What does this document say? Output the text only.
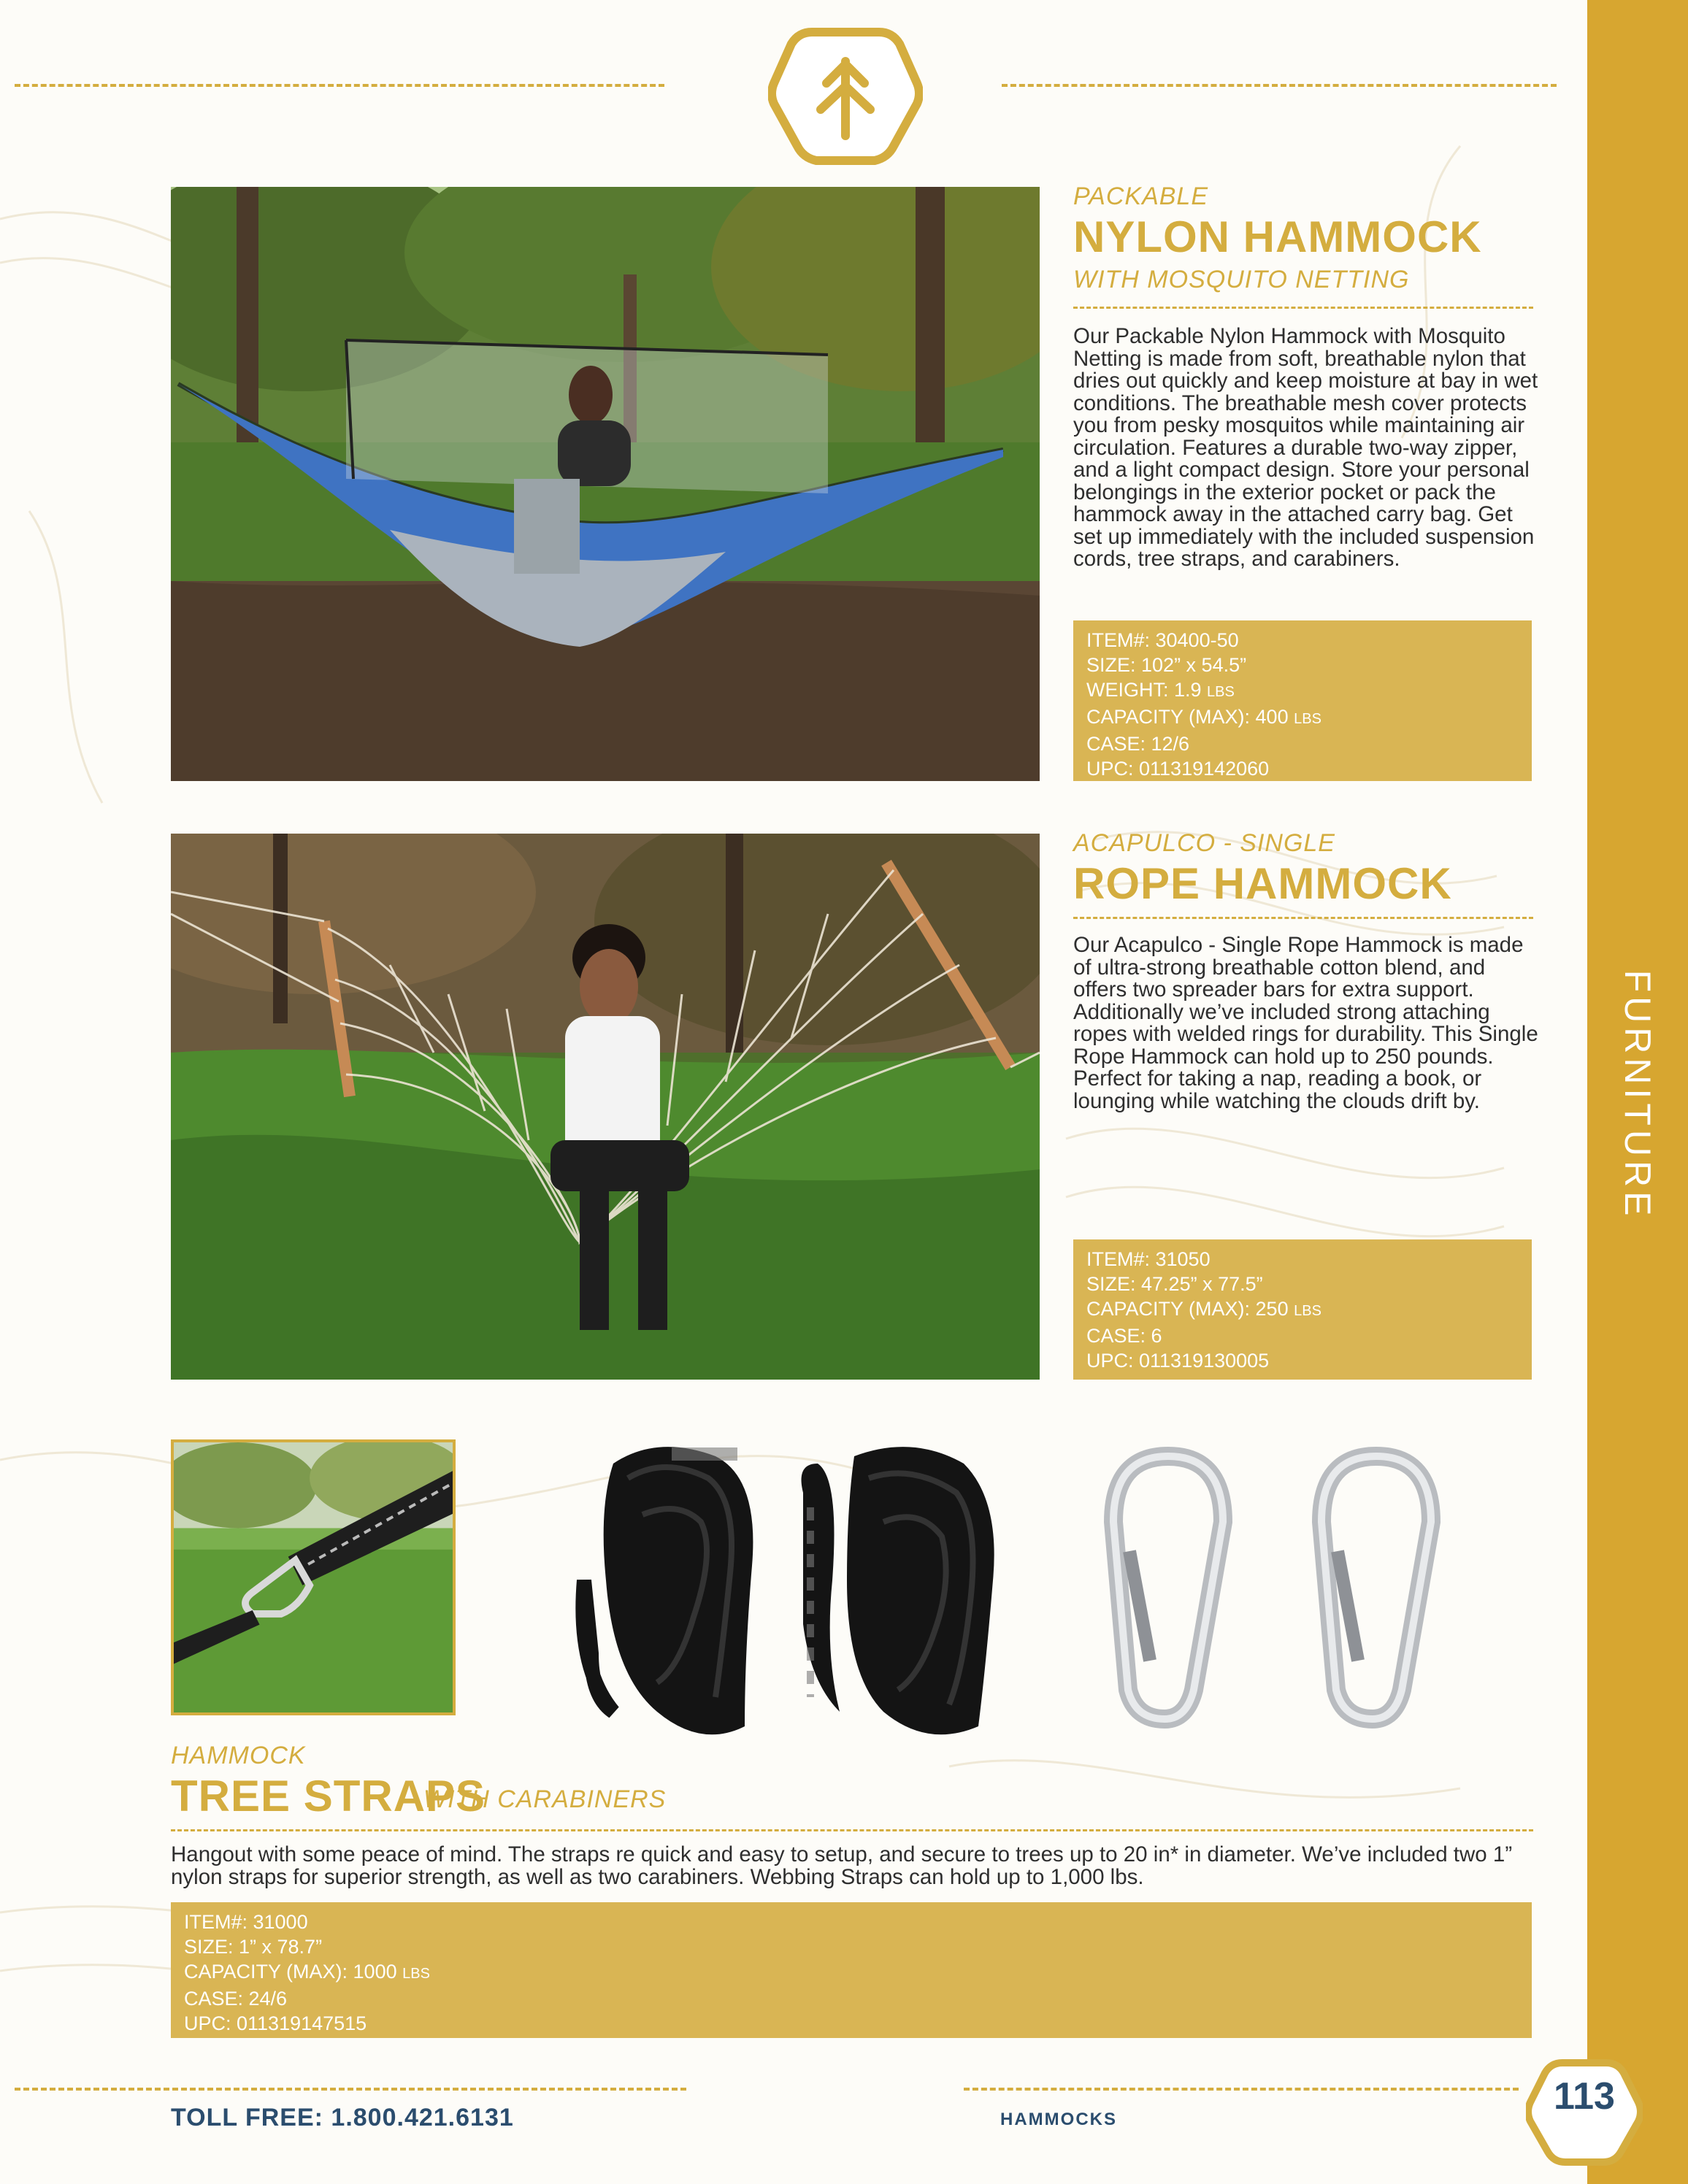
FURNITURE
PACKABLE
NYLON HAMMOCK
WITH MOSQUITO NETTING
Our Packable Nylon Hammock with Mosquito Netting is made from soft, breathable nylon that dries out quickly and keep moisture at bay in wet conditions. The breathable mesh cover protects you from pesky mosquitos while maintaining air circulation. Features a durable two-way zipper, and a light compact design. Store your personal belongings in the exterior pocket or pack the hammock away in the attached carry bag. Get set up immediately with the included suspension cords, tree straps, and carabiners.
ITEM#: 30400-50
SIZE: 102” x 54.5”
WEIGHT: 1.9 LBS
CAPACITY (MAX): 400 LBS
CASE: 12/6
UPC: 011319142060
ACAPULCO - SINGLE
ROPE HAMMOCK
Our Acapulco - Single Rope Hammock is made of ultra-strong breathable cotton blend, and offers two spreader bars for extra support. Additionally we’ve included strong attaching ropes with welded rings for durability. This Single Rope Hammock can hold up to 250 pounds. Perfect for taking a nap, reading a book, or lounging while watching the clouds drift by.
ITEM#: 31050
SIZE: 47.25” x 77.5”
CAPACITY (MAX): 250 LBS
CASE: 6
UPC: 011319130005
HAMMOCK
TREE STRAPS
WITH CARABINERS
Hangout with some peace of mind. The straps re quick and easy to setup, and secure to trees up to 20 in* in diameter. We’ve included two 1” nylon straps for superior strength, as well as two carabiners. Webbing Straps can hold up to 1,000 lbs.
ITEM#: 31000
SIZE: 1” x 78.7”
CAPACITY (MAX): 1000 LBS
CASE: 24/6
UPC: 011319147515
TOLL FREE: 1.800.421.6131	HAMMOCKS
113
